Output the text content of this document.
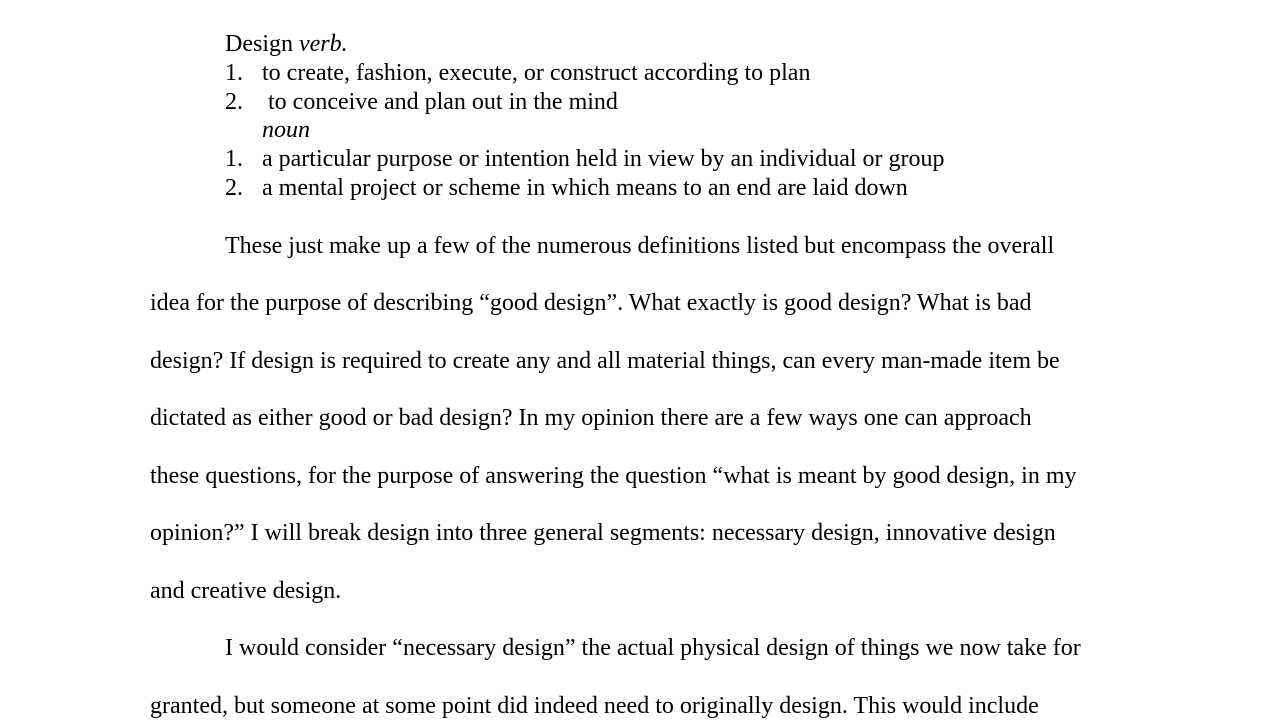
Design verb.
1. to create, fashion, execute, or construct according to plan
2. to conceive and plan out in the mind
noun
1. a particular purpose or intention held in view by an individual or group
2. a mental project or scheme in which means to an end are laid down
These just make up a few of the numerous definitions listed but encompass the overall
idea for the purpose of describing “good design”. What exactly is good design? What is bad
design? If design is required to create any and all material things, can every man-made item be
dictated as either good or bad design? In my opinion there are a few ways one can approach
these questions, for the purpose of answering the question “what is meant by good design, in my
opinion?” I will break design into three general segments: necessary design, innovative design
and creative design.
I would consider “necessary design” the actual physical design of things we now take for
granted, but someone at some point did indeed need to originally design. This would include
